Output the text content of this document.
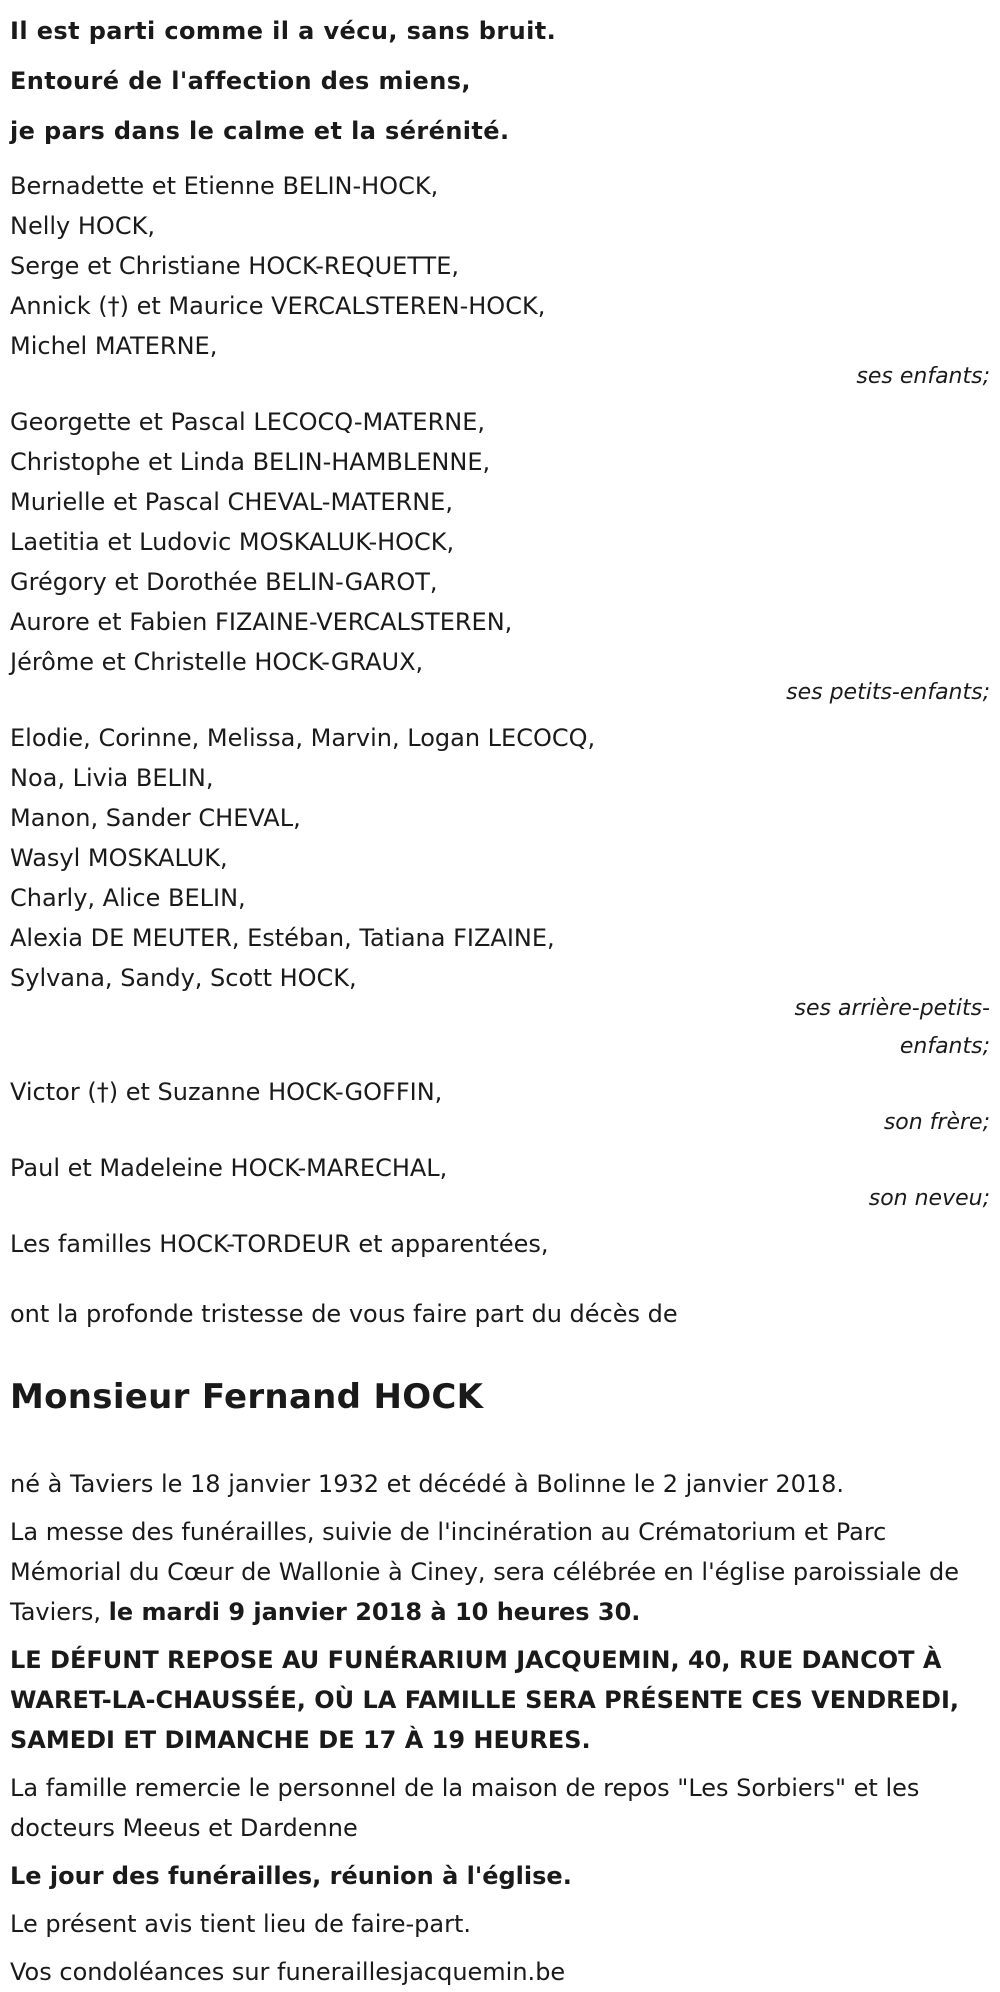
Il est parti comme il a vécu, sans bruit.
Entouré de l'affection des miens,
je pars dans le calme et la sérénité.
Bernadette et Etienne BELIN-HOCK,
Nelly HOCK,
Serge et Christiane HOCK-REQUETTE,
Annick (†) et Maurice VERCALSTEREN-HOCK,
Michel MATERNE,
ses enfants;
Georgette et Pascal LECOCQ-MATERNE,
Christophe et Linda BELIN-HAMBLENNE,
Murielle et Pascal CHEVAL-MATERNE,
Laetitia et Ludovic MOSKALUK-HOCK,
Grégory et Dorothée BELIN-GAROT,
Aurore et Fabien FIZAINE-VERCALSTEREN,
Jérôme et Christelle HOCK-GRAUX,
ses petits-enfants;
Elodie, Corinne, Melissa, Marvin, Logan LECOCQ,
Noa, Livia BELIN,
Manon, Sander CHEVAL,
Wasyl MOSKALUK,
Charly, Alice BELIN,
Alexia DE MEUTER, Estéban, Tatiana FIZAINE,
Sylvana, Sandy, Scott HOCK,
ses arrière-petits-enfants;
Victor (†) et Suzanne HOCK-GOFFIN,
son frère;
Paul et Madeleine HOCK-MARECHAL,
son neveu;
Les familles HOCK-TORDEUR et apparentées,
ont la profonde tristesse de vous faire part du décès de
Monsieur Fernand HOCK

né à Taviers le 18 janvier 1932 et décédé à Bolinne le 2 janvier 2018.

La messe des funérailles, suivie de l'incinération au Crématorium et Parc Mémorial du Cœur de Wallonie à Ciney, sera célébrée en l'église paroissiale de Taviers, le mardi 9 janvier 2018 à 10 heures 30.

LE DÉFUNT REPOSE AU FUNÉRARIUM JACQUEMIN, 40, RUE DANCOT À WARET-LA-CHAUSSÉE, OÙ LA FAMILLE SERA PRÉSENTE CES VENDREDI, SAMEDI ET DIMANCHE DE 17 À 19 HEURES.

La famille remercie le personnel de la maison de repos "Les Sorbiers" et les docteurs Meeus et Dardenne

Le jour des funérailles, réunion à l'église.

Le présent avis tient lieu de faire-part.

Vos condoléances sur funeraillesjacquemin.be
